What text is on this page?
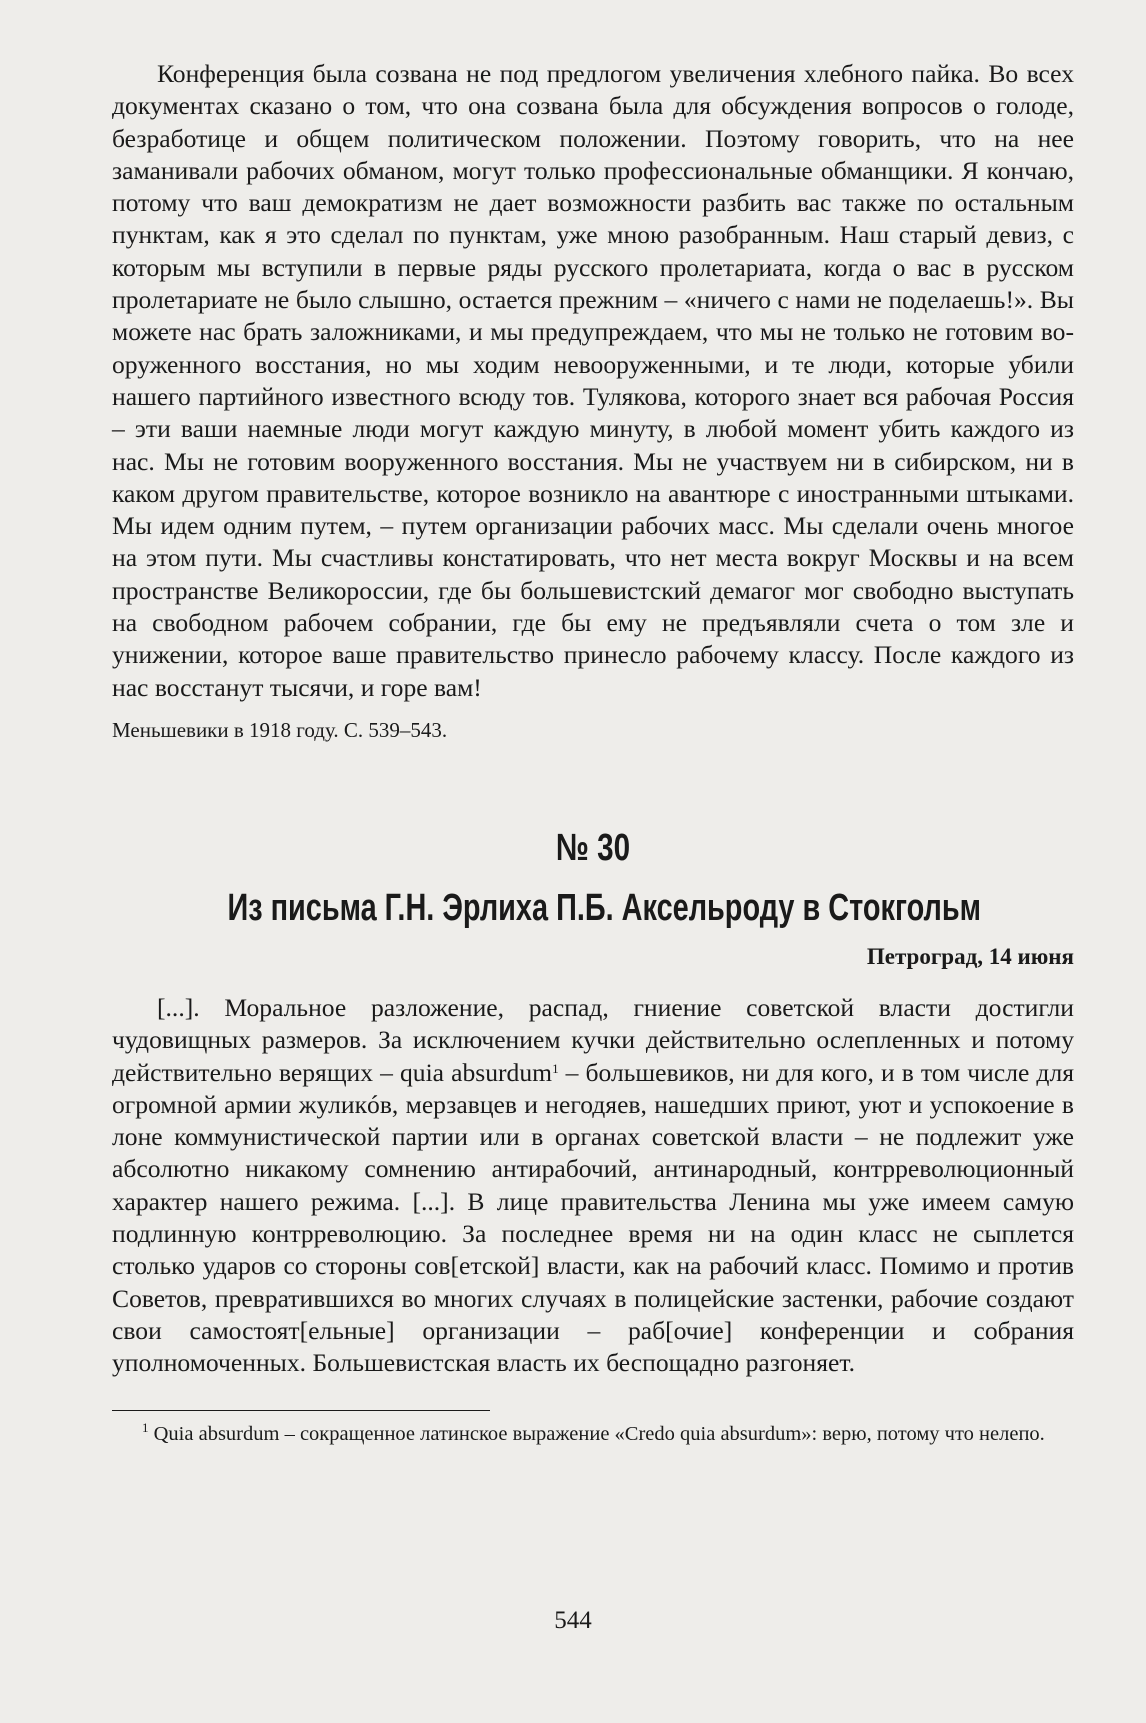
Конференция была созвана не под предлогом увеличения хлебного пайка. Во всех документах сказано о том, что она созвана была для обсуждения вопросов о голоде, безработице и общем политическом положении. Поэтому говорить, что на нее заманивали рабочих обманом, могут только профессиональные обманщики. Я кончаю, потому что ваш демократизм не дает возможности разбить вас также по остальным пунктам, как я это сделал по пунктам, уже мною разобранным. Наш старый девиз, с которым мы вступили в первые ряды русского пролетариата, когда о вас в русском пролетариате не было слышно, остается прежним – «ничего с нами не поделаешь!». Вы можете нас брать заложниками, и мы предупреждаем, что мы не только не готовим вооруженного восстания, но мы ходим невооруженными, и те люди, которые убили нашего партийного известного всюду тов. Тулякова, которого знает вся рабочая Россия – эти ваши наемные люди могут каждую минуту, в любой момент убить каждого из нас. Мы не готовим вооруженного восстания. Мы не участвуем ни в сибирском, ни в каком другом правительстве, которое возникло на авантюре с иностранными штыками. Мы идем одним путем, – путем организации рабочих масс. Мы сделали очень многое на этом пути. Мы счастливы констатировать, что нет места вокруг Москвы и на всем пространстве Великороссии, где бы большевистский демагог мог свободно выступать на свободном рабочем собрании, где бы ему не предъявляли счета о том зле и унижении, которое ваше правительство принесло рабочему классу. После каждого из нас восстанут тысячи, и горе вам!

Меньшевики в 1918 году. С. 539–543.

№ 30
Из письма Г.Н. Эрлиха П.Б. Аксельроду в Стокгольм
Петроград, 14 июня

[...]. Моральное разложение, распад, гниение советской власти достигли чудовищных размеров. За исключением кучки действительно ослепленных и потому действительно верящих – quia absurdum$^1$ – большевиков, ни для кого, и в том числе для огромной армии жуликóв, мерзавцев и негодяев, нашедших приют, уют и успокоение в лоне коммунистической партии или в органах советской власти – не подлежит уже абсолютно никакому сомнению антирабочий, антинародный, контрреволюционный характер нашего режима. [...]. В лице правительства Ленина мы уже имеем самую подлинную контрреволюцию. За последнее время ни на один класс не сыплется столько ударов со стороны сов[етской] власти, как на рабочий класс. Помимо и против Советов, превратившихся во многих случаях в полицейские застенки, рабочие создают свои самостоят[ельные] организации – раб[очие] конференции и собрания уполномоченных. Большевистская власть их беспощадно разгоняет.

$^1$ Quia absurdum – сокращенное латинское выражение «Credo quia absurdum»: верю, потому что нелепо.

544
